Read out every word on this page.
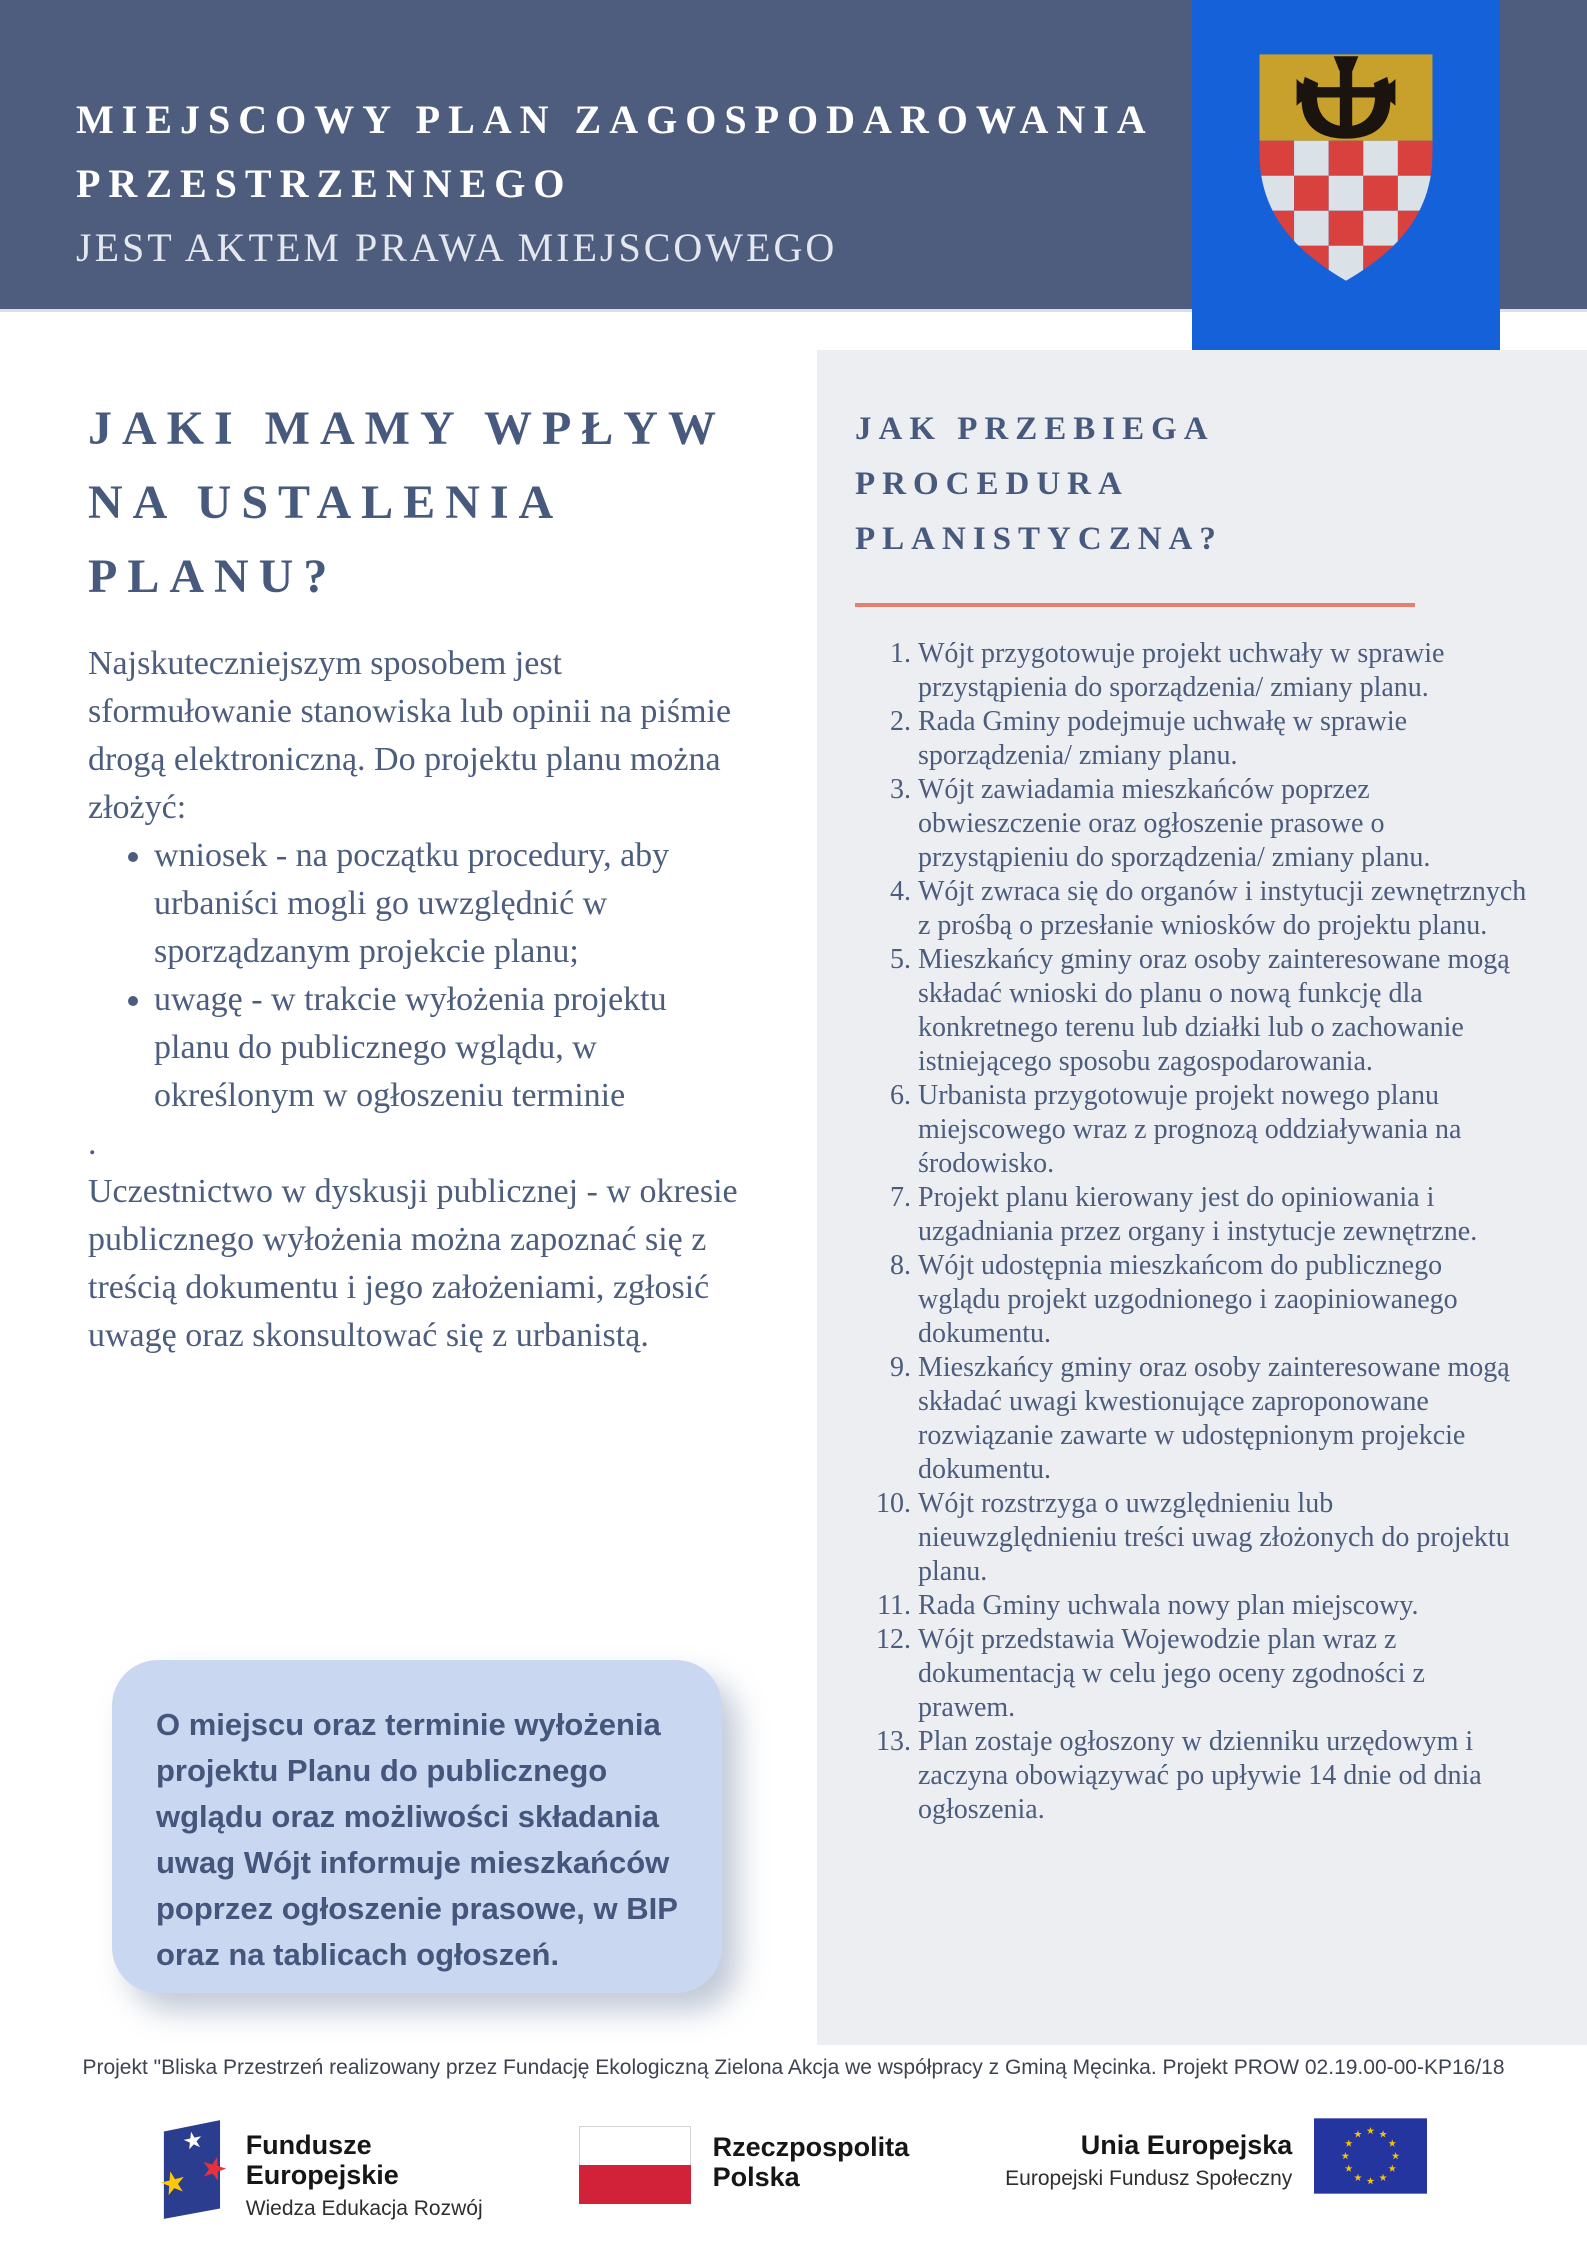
MIEJSCOWY PLAN ZAGOSPODAROWANIA
PRZESTRZENNEGO
JEST AKTEM PRAWA MIEJSCOWEGO
JAK PRZEBIEGA
PROCEDURA
PLANISTYCZNA?
1. Wójt przygotowuje projekt uchwały w sprawie przystąpienia do sporządzenia/ zmiany planu.
2. Rada Gminy podejmuje uchwałę w sprawie sporządzenia/ zmiany planu.
3. Wójt zawiadamia mieszkańców poprzez obwieszczenie oraz ogłoszenie prasowe o przystąpieniu do sporządzenia/ zmiany planu.
4. Wójt zwraca się do organów i instytucji zewnętrznych z prośbą o przesłanie wniosków do projektu planu.
5. Mieszkańcy gminy oraz osoby zainteresowane mogą składać wnioski do planu o nową funkcję dla konkretnego terenu lub działki lub o zachowanie istniejącego sposobu zagospodarowania.
6. Urbanista przygotowuje projekt nowego planu miejscowego wraz z prognozą oddziaływania na środowisko.
7. Projekt planu kierowany jest do opiniowania i uzgadniania przez organy i instytucje zewnętrzne.
8. Wójt udostępnia mieszkańcom do publicznego wglądu projekt uzgodnionego i zaopiniowanego dokumentu.
9. Mieszkańcy gminy oraz osoby zainteresowane mogą składać uwagi kwestionujące zaproponowane rozwiązanie zawarte w udostępnionym projekcie dokumentu.
10. Wójt rozstrzyga o uwzględnieniu lub nieuwzględnieniu treści uwag złożonych do projektu planu.
11. Rada Gminy uchwala nowy plan miejscowy.
12. Wójt przedstawia Wojewodzie plan wraz z dokumentacją w celu jego oceny zgodności z prawem.
13. Plan zostaje ogłoszony w dzienniku urzędowym i zaczyna obowiązywać po upływie 14 dnie od dnia ogłoszenia.
JAKI MAMY WPŁYW
NA USTALENIA
PLANU?

Najskuteczniejszym sposobem jest sformułowanie stanowiska lub opinii na piśmie drogą elektroniczną. Do projektu planu można złożyć:

• wniosek - na początku procedury, aby urbaniści mogli go uwzględnić w sporządzanym projekcie planu;
• uwagę - w trakcie wyłożenia projektu planu do publicznego wglądu, w określonym w ogłoszeniu terminie

.

Uczestnictwo w dyskusji publicznej - w okresie publicznego wyłożenia można zapoznać się z treścią dokumentu i jego założeniami, zgłosić uwagę oraz skonsultować się z urbanistą.

O miejscu oraz terminie wyłożenia projektu Planu do publicznego wglądu oraz możliwości składania uwag Wójt informuje mieszkańców poprzez ogłoszenie prasowe, w BIP oraz na tablicach ogłoszeń.
Projekt "Bliska Przestrzeń realizowany przez Fundację Ekologiczną Zielona Akcja we współpracy z Gminą Męcinka. Projekt PROW 02.19.00-00-KP16/18
Fundusze
Europejskie
Wiedza Edukacja Rozwój
Rzeczpospolita
Polska
Unia Europejska
Europejski Fundusz Społeczny
